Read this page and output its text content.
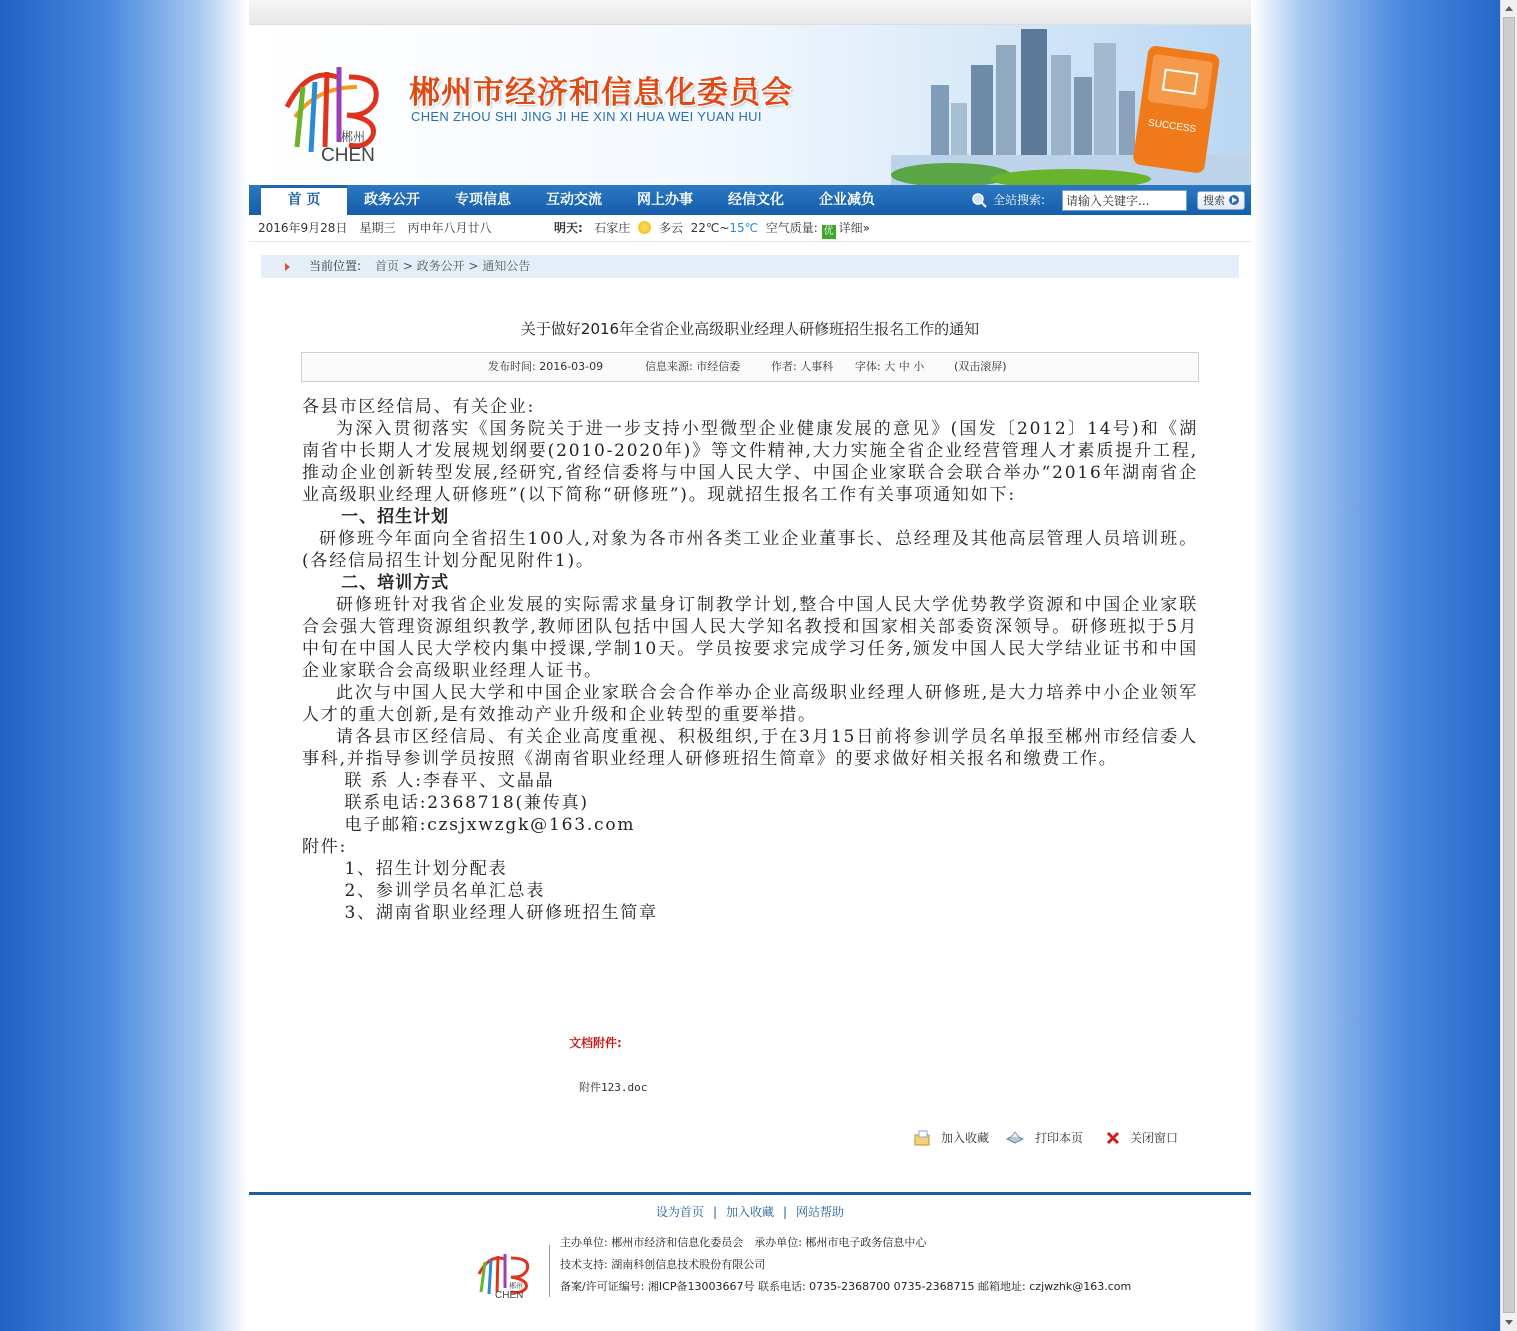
郴州
CHEN
郴州市经济和信息化委员会
CHEN ZHOU SHI JING JI HE XIN XI HUA WEI YUAN HUI
SUCCESS
首 页	政务公开	专项信息	互动交流	网上办事	经信文化	企业减负	全站搜索:
请输入关键字...	搜索
2016年9月28日　星期三　丙申年八月廿八	明天: 石家庄 多云 22℃~15℃ 空气质量: 优 详细»
当前位置: 首页 > 政务公开 > 通知公告
关于做好2016年全省企业高级职业经理人研修班招生报名工作的通知
发布时间: 2016-03-09	信息来源: 市经信委	作者: 人事科 字体: 大 中 小	(双击滚屏)

各县市区经信局、有关企业:

为深入贯彻落实《国务院关于进一步支持小型微型企业健康发展的意见》(国发〔2012〕14号)和《湖南省中长期人才发展规划纲要(2010-2020年)》等文件精神,大力实施全省企业经营管理人才素质提升工程,推动企业创新转型发展,经研究,省经信委将与中国人民大学、中国企业家联合会联合举办“2016年湖南省企业高级职业经理人研修班”(以下简称“研修班”)。现就招生报名工作有关事项通知如下:

一、招生计划

研修班今年面向全省招生100人,对象为各市州各类工业企业董事长、总经理及其他高层管理人员培训班。(各经信局招生计划分配见附件1)。

二、培训方式

研修班针对我省企业发展的实际需求量身订制教学计划,整合中国人民大学优势教学资源和中国企业家联合会强大管理资源组织教学,教师团队包括中国人民大学知名教授和国家相关部委资深领导。研修班拟于5月中旬在中国人民大学校内集中授课,学制10天。学员按要求完成学习任务,颁发中国人民大学结业证书和中国企业家联合会高级职业经理人证书。

此次与中国人民大学和中国企业家联合会合作举办企业高级职业经理人研修班,是大力培养中小企业领军人才的重大创新,是有效推动产业升级和企业转型的重要举措。

请各县市区经信局、有关企业高度重视、积极组织,于在3月15日前将参训学员名单报至郴州市经信委人事科,并指导参训学员按照《湖南省职业经理人研修班招生简章》的要求做好相关报名和缴费工作。

联 系 人:李春平、文晶晶

联系电话:2368718(兼传真)

电子邮箱:czsjxwzgk@163.com

附件:

1、招生计划分配表

2、参训学员名单汇总表

3、湖南省职业经理人研修班招生简章

文档附件:
附件123.doc
加入收藏	打印本页	关闭窗口
设为首页 | 加入收藏 | 网站帮助
郴州
CHEN
主办单位: 郴州市经济和信息化委员会　承办单位: 郴州市电子政务信息中心
技术支持: 湖南科创信息技术股份有限公司
备案/许可证编号: 湘ICP备13003667号 联系电话: 0735-2368700 0735-2368715 邮箱地址: czjwzhk@163.com
